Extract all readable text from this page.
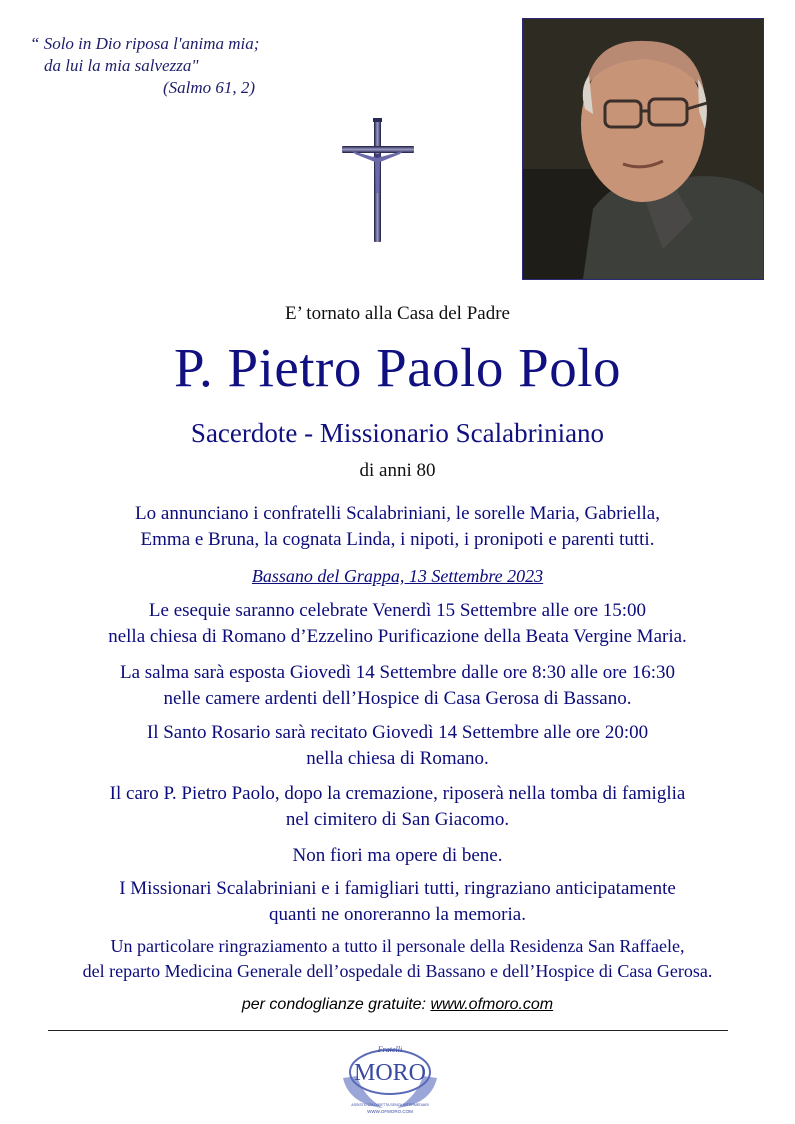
“ Solo in Dio riposa l'anima mia;
da lui la mia salvezza"
(Salmo 61, 2)
E’ tornato alla Casa del Padre
P. Pietro Paolo Polo
Sacerdote - Missionario Scalabriniano
di anni 80
Lo annunciano i confratelli Scalabriniani, le sorelle Maria, Gabriella,
Emma e Bruna, la cognata Linda, i nipoti, i pronipoti e parenti tutti.
Bassano del Grappa, 13 Settembre 2023
Le esequie saranno celebrate Venerdì 15 Settembre alle ore 15:00
nella chiesa di Romano d’Ezzelino Purificazione della Beata Vergine Maria.
La salma sarà esposta Giovedì 14 Settembre dalle ore 8:30 alle ore 16:30
nelle camere ardenti dell’Hospice di Casa Gerosa di Bassano.
Il Santo Rosario sarà recitato Giovedì 14 Settembre alle ore 20:00
nella chiesa di Romano.
Il caro P. Pietro Paolo, dopo la cremazione, riposerà nella tomba di famiglia
nel cimitero di San Giacomo.
Non fiori ma opere di bene.
I Missionari Scalabriniani e i famigliari tutti, ringraziano anticipatamente
quanti ne onoreranno la memoria.
Un particolare ringraziamento a tutto il personale della Residenza San Raffaele,
del reparto Medicina Generale dell’ospedale di Bassano e dell’Hospice di Casa Gerosa.
per condoglianze gratuite: www.ofmoro.com
Fratelli
MORO
ASSISTENZA DIRETTA SENZA INTERMEDIARI
WWW.OFMORO.COM
